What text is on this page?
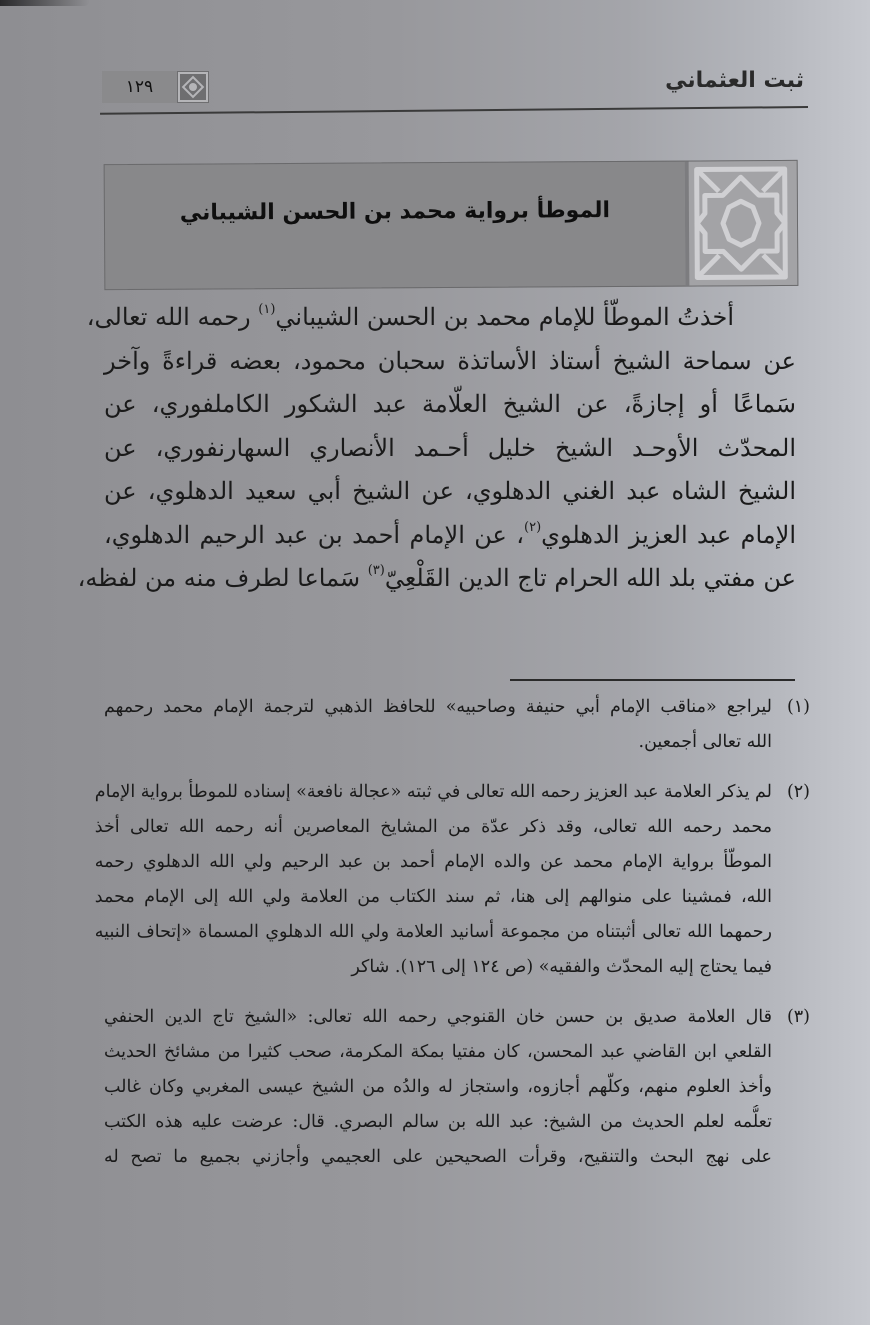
ثبت العثماني
١٢٩
الموطأ برواية محمد بن الحسن الشيباني
أخذتُ الموطّأ للإمام محمد بن الحسن الشيباني$^{(١)}$ رحمه الله تعالى،
عن سماحة الشيخ أستاذ الأساتذة سحبان محمود، بعضه قراءةً وآخر
سَماعًا أو إجازةً، عن الشيخ العلّامة عبد الشكور الكاملفوري، عن
المحدّث الأوحـد الشيخ خليل أحـمد الأنصاري السهارنفوري، عن
الشيخ الشاه عبد الغني الدهلوي، عن الشيخ أبي سعيد الدهلوي، عن
الإمام عبد العزيز الدهلوي$^{(٢)}$، عن الإمام أحمد بن عبد الرحيم الدهلوي،
عن مفتي بلد الله الحرام تاج الدين القَلْعِيّ$^{(٣)}$ سَماعا لطرف منه من لفظه،
(١)
ليراجع «مناقب الإمام أبي حنيفة وصاحبيه» للحافظ الذهبي لترجمة الإمام محمد رحمهم
الله تعالى أجمعين.
(٢)
لم يذكر العلامة عبد العزيز رحمه الله تعالى في ثبته «عجالة نافعة» إسناده للموطأ برواية الإمام
محمد رحمه الله تعالى، وقد ذكر عدّة من المشايخ المعاصرين أنه رحمه الله تعالى أخذ
الموطّأ برواية الإمام محمد عن والده الإمام أحمد بن عبد الرحيم ولي الله الدهلوي رحمه
الله، فمشينا على منوالهم إلى هنا، ثم سند الكتاب من العلامة ولي الله إلى الإمام محمد
رحمهما الله تعالى أثبتناه من مجموعة أسانيد العلامة ولي الله الدهلوي المسماة «إتحاف النبيه
فيما يحتاج إليه المحدّث والفقيه» (ص ١٢٤ إلى ١٢٦). شاكر
(٣)
قال العلامة صديق بن حسن خان القنوجي رحمه الله تعالى: «الشيخ تاج الدين الحنفي
القلعي ابن القاضي عبد المحسن، كان مفتيا بمكة المكرمة، صحب كثيرا من مشائخ الحديث
وأخذ العلوم منهم، وكلّهم أجازوه، واستجاز له والدُه من الشيخ عيسى المغربي وكان غالب
تعلُّمه لعلم الحديث من الشيخ: عبد الله بن سالم البصري. قال: عرضت عليه هذه الكتب
على نهج البحث والتنقيح، وقرأت الصحيحين على العجيمي وأجازني بجميع ما تصح له
